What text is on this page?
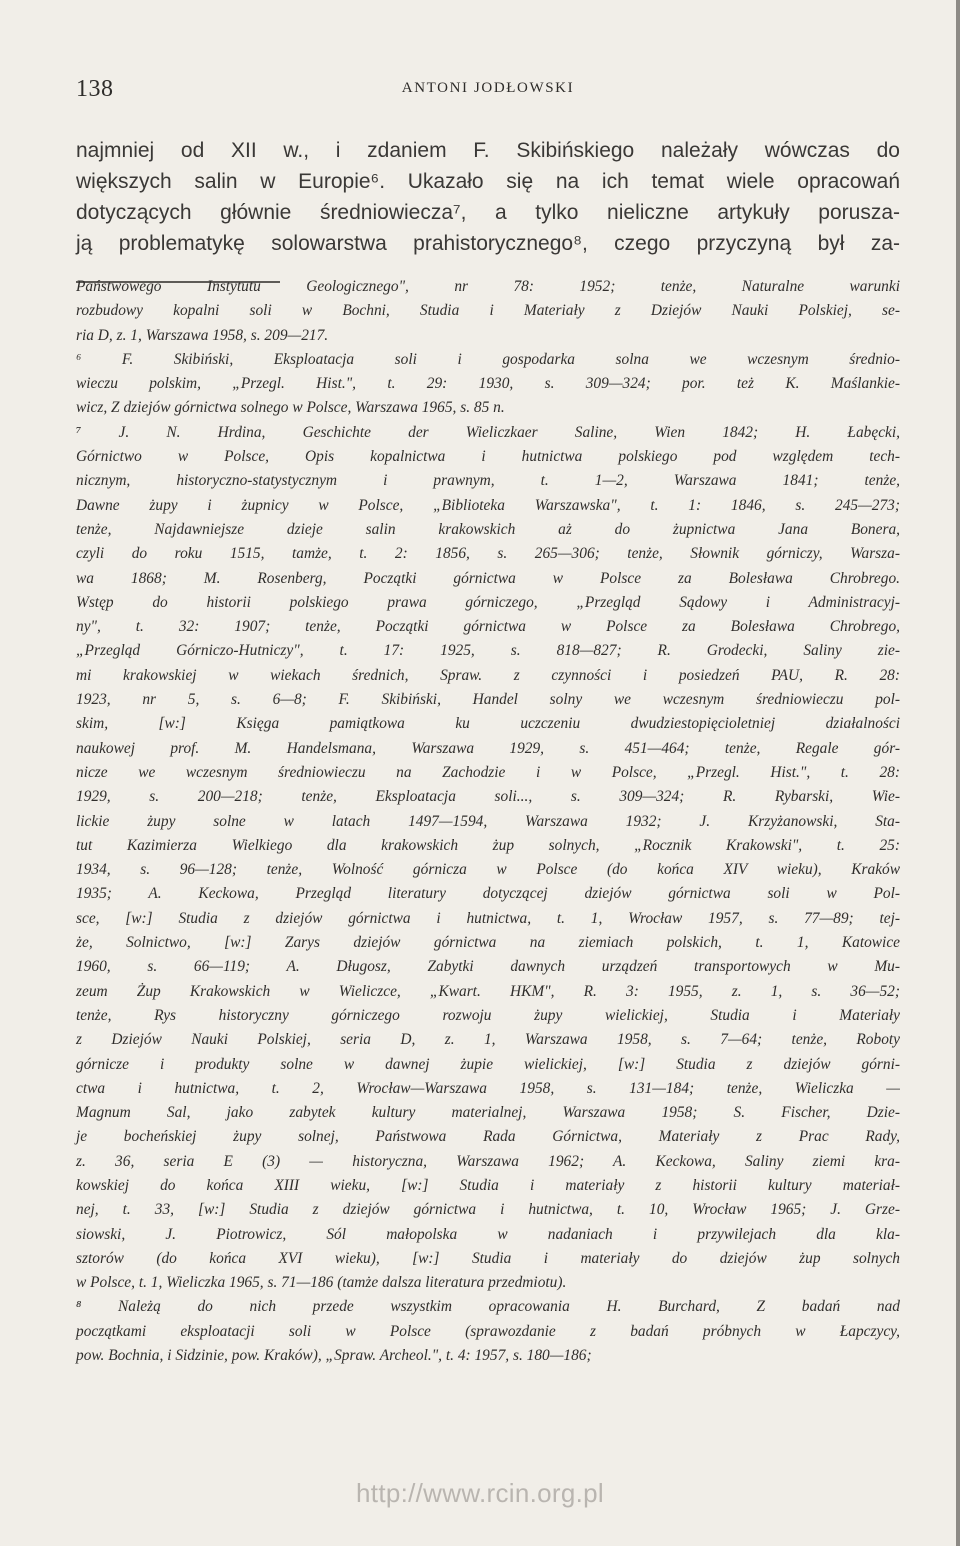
138	ANTONI JODŁOWSKI
najmniej od XII w., i zdaniem F. Skibińskiego należały wówczas do
większych salin w Europie⁶. Ukazało się na ich temat wiele opracowań
dotyczących głównie średniowiecza⁷, a tylko nieliczne artykuły porusza-
ją problematykę solowarstwa prahistorycznego⁸, czego przyczyną był za-
Państwowego Instytutu Geologicznego", nr 78: 1952; tenże, Naturalne warunki
rozbudowy kopalni soli w Bochni, Studia i Materiały z Dziejów Nauki Polskiej, se-
ria D, z. 1, Warszawa 1958, s. 209—217.
⁶ F. Skibiński, Eksploatacja soli i gospodarka solna we wczesnym średnio-
wieczu polskim, „Przegl. Hist.", t. 29: 1930, s. 309—324; por. też K. Maślankie-
wicz, Z dziejów górnictwa solnego w Polsce, Warszawa 1965, s. 85 n.
⁷ J. N. Hrdina, Geschichte der Wieliczkaer Saline, Wien 1842; H. Łabęcki,
Górnictwo w Polsce, Opis kopalnictwa i hutnictwa polskiego pod względem tech-
nicznym, historyczno-statystycznym i prawnym, t. 1—2, Warszawa 1841; tenże,
Dawne żupy i żupnicy w Polsce, „Biblioteka Warszawska", t. 1: 1846, s. 245—273;
tenże, Najdawniejsze dzieje salin krakowskich aż do żupnictwa Jana Bonera,
czyli do roku 1515, tamże, t. 2: 1856, s. 265—306; tenże, Słownik górniczy, Warsza-
wa 1868; M. Rosenberg, Początki górnictwa w Polsce za Bolesława Chrobrego.
Wstęp do historii polskiego prawa górniczego, „Przegląd Sądowy i Administracyj-
ny", t. 32: 1907; tenże, Początki górnictwa w Polsce za Bolesława Chrobrego,
„Przegląd Górniczo-Hutniczy", t. 17: 1925, s. 818—827; R. Grodecki, Saliny zie-
mi krakowskiej w wiekach średnich, Spraw. z czynności i posiedzeń PAU, R. 28:
1923, nr 5, s. 6—8; F. Skibiński, Handel solny we wczesnym średniowieczu pol-
skim, [w:] Księga pamiątkowa ku uczczeniu dwudziestopięcioletniej działalności
naukowej prof. M. Handelsmana, Warszawa 1929, s. 451—464; tenże, Regale gór-
nicze we wczesnym średniowieczu na Zachodzie i w Polsce, „Przegl. Hist.", t. 28:
1929, s. 200—218; tenże, Eksploatacja soli..., s. 309—324; R. Rybarski, Wie-
lickie żupy solne w latach 1497—1594, Warszawa 1932; J. Krzyżanowski, Sta-
tut Kazimierza Wielkiego dla krakowskich żup solnych, „Rocznik Krakowski", t. 25:
1934, s. 96—128; tenże, Wolność górnicza w Polsce (do końca XIV wieku), Kraków
1935; A. Keckowa, Przegląd literatury dotyczącej dziejów górnictwa soli w Pol-
sce, [w:] Studia z dziejów górnictwa i hutnictwa, t. 1, Wrocław 1957, s. 77—89; tej-
że, Solnictwo, [w:] Zarys dziejów górnictwa na ziemiach polskich, t. 1, Katowice
1960, s. 66—119; A. Długosz, Zabytki dawnych urządzeń transportowych w Mu-
zeum Żup Krakowskich w Wieliczce, „Kwart. HKM", R. 3: 1955, z. 1, s. 36—52;
tenże, Rys historyczny górniczego rozwoju żupy wielickiej, Studia i Materiały
z Dziejów Nauki Polskiej, seria D, z. 1, Warszawa 1958, s. 7—64; tenże, Roboty
górnicze i produkty solne w dawnej żupie wielickiej, [w:] Studia z dziejów górni-
ctwa i hutnictwa, t. 2, Wrocław—Warszawa 1958, s. 131—184; tenże, Wieliczka —
Magnum Sal, jako zabytek kultury materialnej, Warszawa 1958; S. Fischer, Dzie-
je bocheńskiej żupy solnej, Państwowa Rada Górnictwa, Materiały z Prac Rady,
z. 36, seria E (3) — historyczna, Warszawa 1962; A. Keckowa, Saliny ziemi kra-
kowskiej do końca XIII wieku, [w:] Studia i materiały z historii kultury materiał-
nej, t. 33, [w:] Studia z dziejów górnictwa i hutnictwa, t. 10, Wrocław 1965; J. Grze-
siowski, J. Piotrowicz, Sól małopolska w nadaniach i przywilejach dla kla-
sztorów (do końca XVI wieku), [w:] Studia i materiały do dziejów żup solnych
w Polsce, t. 1, Wieliczka 1965, s. 71—186 (tamże dalsza literatura przedmiotu).
⁸ Należą do nich przede wszystkim opracowania H. Burchard, Z badań nad
początkami eksploatacji soli w Polsce (sprawozdanie z badań próbnych w Łapczycy,
pow. Bochnia, i Sidzinie, pow. Kraków), „Spraw. Archeol.", t. 4: 1957, s. 180—186;
http://www.rcin.org.pl
